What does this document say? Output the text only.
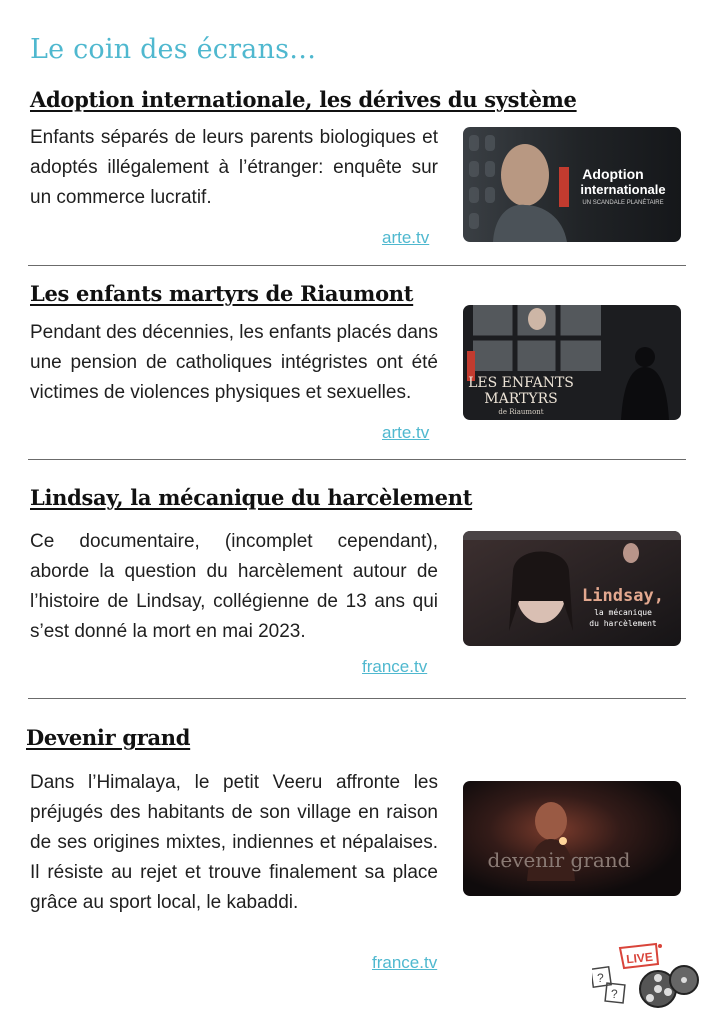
Le coin des écrans…
Adoption internationale, les dérives du système
Enfants séparés de leurs parents biologiques et adoptés illégalement à l’étranger: enquête sur un commerce lucratif.
arte.tv
Adoption
internationale
UN SCANDALE PLANÉTAIRE
Les enfants martyrs de Riaumont
Pendant des décennies, les enfants placés dans une pension de catholiques intégristes ont été victimes de violences physiques et sexuelles.
arte.tv
LES ENFANTS
MARTYRS
de Riaumont
Lindsay, la mécanique du harcèlement
Ce documentaire, (incomplet cependant), aborde la question du harcèlement autour de l’histoire de Lindsay, collégienne de 13 ans qui s’est donné la mort en mai 2023.
france.tv
Lindsay,
la mécanique
du harcèlement
Devenir grand
Dans l’Himalaya, le petit Veeru affronte les préjugés des habitants de son village en raison de ses origines mixtes, indiennes et népalaises. Il résiste au rejet et trouve finalement sa place grâce au sport local, le kabaddi.
france.tv
devenir grand
?
?
LIVE
